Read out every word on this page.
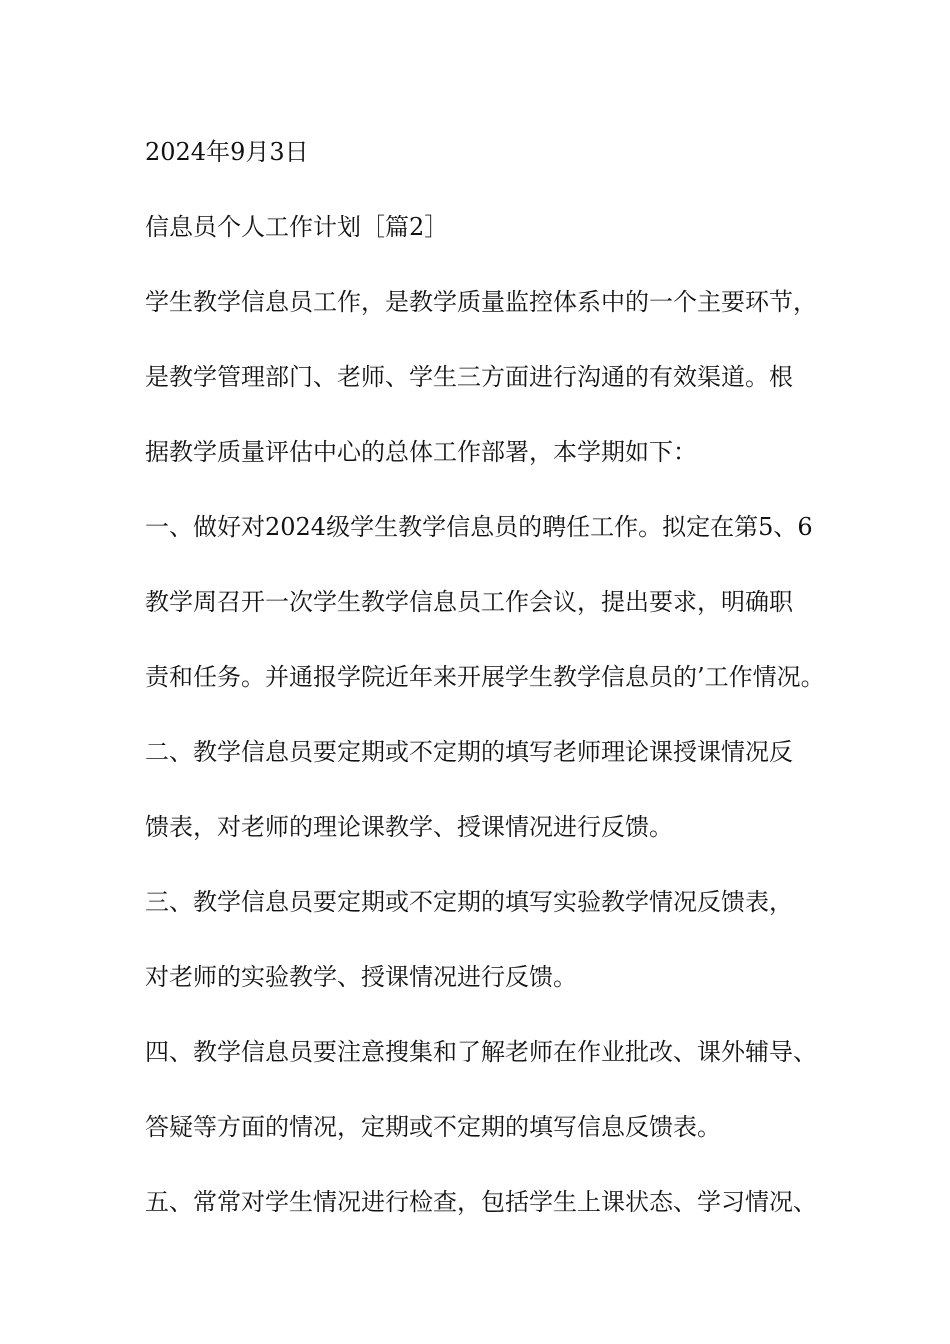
2024年9月3日
信息员个人工作计划［篇2］
学生教学信息员工作，是教学质量监控体系中的一个主要环节，
是教学管理部门、老师、学生三方面进行沟通的有效渠道。根
据教学质量评估中心的总体工作部署，本学期如下：
一、做好对2024级学生教学信息员的聘任工作。拟定在第5、6
教学周召开一次学生教学信息员工作会议，提出要求，明确职
责和任务。并通报学院近年来开展学生教学信息员的’工作情况。
二、教学信息员要定期或不定期的填写老师理论课授课情况反
馈表，对老师的理论课教学、授课情况进行反馈。
三、教学信息员要定期或不定期的填写实验教学情况反馈表，
对老师的实验教学、授课情况进行反馈。
四、教学信息员要注意搜集和了解老师在作业批改、课外辅导、
答疑等方面的情况，定期或不定期的填写信息反馈表。
五、常常对学生情况进行检查，包括学生上课状态、学习情况、
